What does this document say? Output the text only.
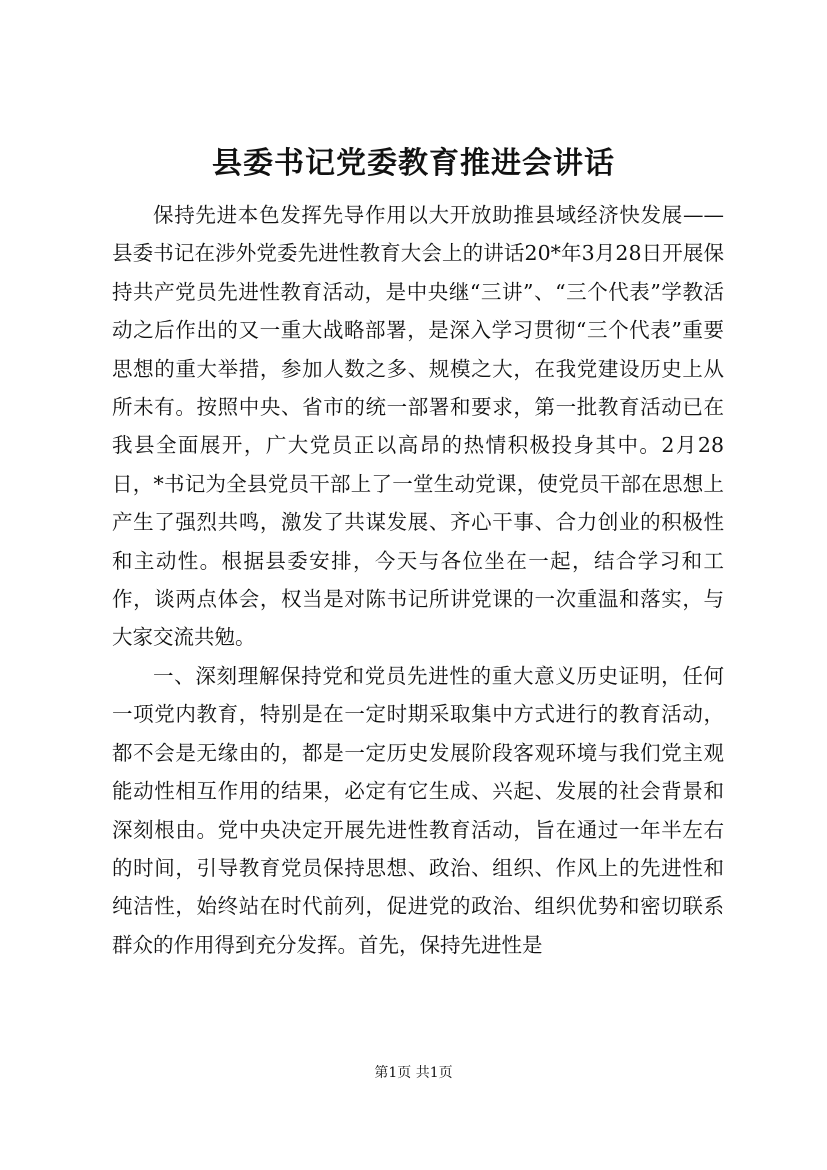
县委书记党委教育推进会讲话

保持先进本色发挥先导作用以大开放助推县域经济快发展——县委书记在涉外党委先进性教育大会上的讲话20*年3月28日开展保持共产党员先进性教育活动，是中央继“三讲”、“三个代表”学教活动之后作出的又一重大战略部署，是深入学习贯彻“三个代表”重要思想的重大举措，参加人数之多、规模之大，在我党建设历史上从所未有。按照中央、省市的统一部署和要求，第一批教育活动已在我县全面展开，广大党员正以高昂的热情积极投身其中。2月28日，*书记为全县党员干部上了一堂生动党课，使党员干部在思想上产生了强烈共鸣，激发了共谋发展、齐心干事、合力创业的积极性和主动性。根据县委安排，今天与各位坐在一起，结合学习和工作，谈两点体会，权当是对陈书记所讲党课的一次重温和落实，与大家交流共勉。

一、深刻理解保持党和党员先进性的重大意义历史证明，任何一项党内教育，特别是在一定时期采取集中方式进行的教育活动，都不会是无缘由的，都是一定历史发展阶段客观环境与我们党主观能动性相互作用的结果，必定有它生成、兴起、发展的社会背景和深刻根由。党中央决定开展先进性教育活动，旨在通过一年半左右的时间，引导教育党员保持思想、政治、组织、作风上的先进性和纯洁性，始终站在时代前列，促进党的政治、组织优势和密切联系群众的作用得到充分发挥。首先，保持先进性是

第1页 共1页
